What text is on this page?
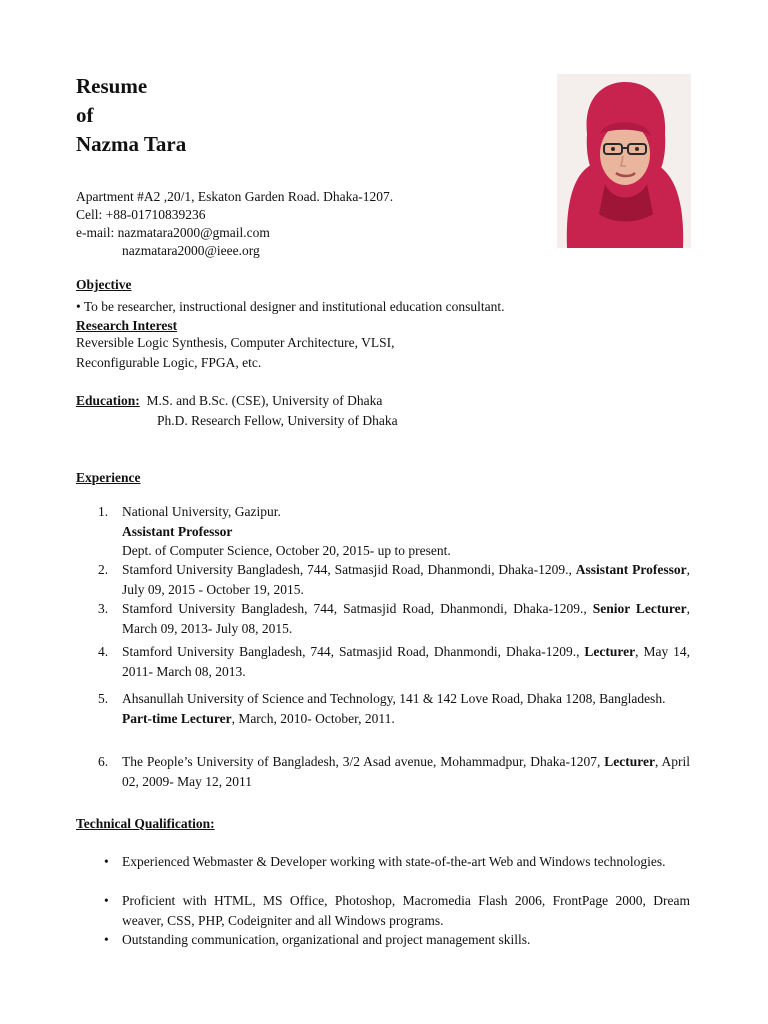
Resume
of
Nazma Tara
Apartment #A2 ,20/1, Eskaton Garden Road. Dhaka-1207.
Cell: +88-01710839236
e-mail: nazmatara2000@gmail.com
nazmatara2000@ieee.org
Objective
• To be researcher, instructional designer and institutional education consultant.
Research Interest
Reversible Logic Synthesis, Computer Architecture, VLSI,
Reconfigurable Logic, FPGA, etc.
Education: M.S. and B.Sc. (CSE), University of Dhaka
Ph.D. Research Fellow, University of Dhaka
Experience
1. National University, Gazipur.
Assistant Professor
Dept. of Computer Science, October 20, 2015- up to present.
2. Stamford University Bangladesh, 744, Satmasjid Road, Dhanmondi, Dhaka-1209., Assistant Professor, July 09, 2015 - October 19, 2015.
3. Stamford University Bangladesh, 744, Satmasjid Road, Dhanmondi, Dhaka-1209., Senior Lecturer, March 09, 2013- July 08, 2015.
4. Stamford University Bangladesh, 744, Satmasjid Road, Dhanmondi, Dhaka-1209., Lecturer, May 14, 2011- March 08, 2013.
5. Ahsanullah University of Science and Technology, 141 & 142 Love Road, Dhaka 1208, Bangladesh.
Part-time Lecturer, March, 2010- October, 2011.
6. The People’s University of Bangladesh, 3/2 Asad avenue, Mohammadpur, Dhaka-1207, Lecturer, April 02, 2009- May 12, 2011
Technical Qualification:
• Experienced Webmaster & Developer working with state-of-the-art Web and Windows technologies.
• Proficient with HTML, MS Office, Photoshop, Macromedia Flash 2006, FrontPage 2000, Dream weaver, CSS, PHP, Codeigniter and all Windows programs.
• Outstanding communication, organizational and project management skills.
